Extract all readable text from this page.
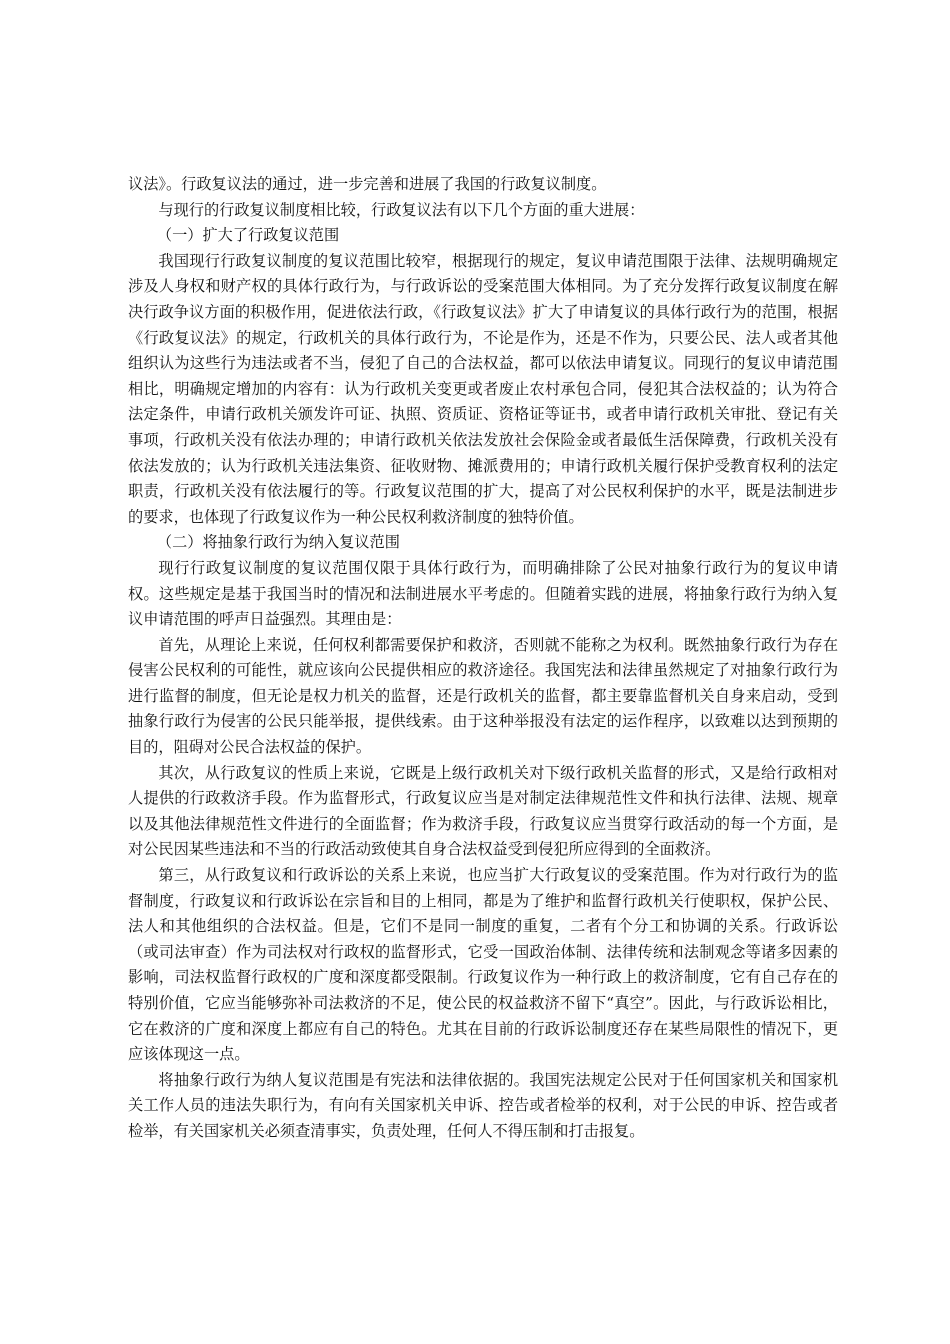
议法》。行政复议法的通过，进一步完善和进展了我国的行政复议制度。

与现行的行政复议制度相比较，行政复议法有以下几个方面的重大进展：

（一）扩大了行政复议范围

我国现行行政复议制度的复议范围比较窄，根据现行的规定，复议申请范围限于法律、法规明确规定涉及人身权和财产权的具体行政行为，与行政诉讼的受案范围大体相同。为了充分发挥行政复议制度在解决行政争议方面的积极作用，促进依法行政，《行政复议法》扩大了申请复议的具体行政行为的范围，根据《行政复议法》的规定，行政机关的具体行政行为，不论是作为，还是不作为，只要公民、法人或者其他组织认为这些行为违法或者不当，侵犯了自己的合法权益，都可以依法申请复议。同现行的复议申请范围相比，明确规定增加的内容有：认为行政机关变更或者废止农村承包合同，侵犯其合法权益的；认为符合法定条件，申请行政机关颁发许可证、执照、资质证、资格证等证书，或者申请行政机关审批、登记有关事项，行政机关没有依法办理的；申请行政机关依法发放社会保险金或者最低生活保障费，行政机关没有依法发放的；认为行政机关违法集资、征收财物、摊派费用的；申请行政机关履行保护受教育权利的法定职责，行政机关没有依法履行的等。行政复议范围的扩大，提高了对公民权利保护的水平，既是法制进步的要求，也体现了行政复议作为一种公民权利救济制度的独特价值。

（二）将抽象行政行为纳入复议范围

现行行政复议制度的复议范围仅限于具体行政行为，而明确排除了公民对抽象行政行为的复议申请权。这些规定是基于我国当时的情况和法制进展水平考虑的。但随着实践的进展，将抽象行政行为纳入复议申请范围的呼声日益强烈。其理由是：

首先，从理论上来说，任何权利都需要保护和救济，否则就不能称之为权利。既然抽象行政行为存在侵害公民权利的可能性，就应该向公民提供相应的救济途径。我国宪法和法律虽然规定了对抽象行政行为进行监督的制度，但无论是权力机关的监督，还是行政机关的监督，都主要靠监督机关自身来启动，受到抽象行政行为侵害的公民只能举报，提供线索。由于这种举报没有法定的运作程序，以致难以达到预期的目的，阻碍对公民合法权益的保护。

其次，从行政复议的性质上来说，它既是上级行政机关对下级行政机关监督的形式，又是给行政相对人提供的行政救济手段。作为监督形式，行政复议应当是对制定法律规范性文件和执行法律、法规、规章以及其他法律规范性文件进行的全面监督；作为救济手段，行政复议应当贯穿行政活动的每一个方面，是对公民因某些违法和不当的行政活动致使其自身合法权益受到侵犯所应得到的全面救济。

第三，从行政复议和行政诉讼的关系上来说，也应当扩大行政复议的受案范围。作为对行政行为的监督制度，行政复议和行政诉讼在宗旨和目的上相同，都是为了维护和监督行政机关行使职权，保护公民、法人和其他组织的合法权益。但是，它们不是同一制度的重复，二者有个分工和协调的关系。行政诉讼（或司法审查）作为司法权对行政权的监督形式，它受一国政治体制、法律传统和法制观念等诸多因素的影响，司法权监督行政权的广度和深度都受限制。行政复议作为一种行政上的救济制度，它有自己存在的特别价值，它应当能够弥补司法救济的不足，使公民的权益救济不留下“真空”。因此，与行政诉讼相比，它在救济的广度和深度上都应有自己的特色。尤其在目前的行政诉讼制度还存在某些局限性的情况下，更应该体现这一点。

将抽象行政行为纳人复议范围是有宪法和法律依据的。我国宪法规定公民对于任何国家机关和国家机关工作人员的违法失职行为，有向有关国家机关申诉、控告或者检举的权利，对于公民的申诉、控告或者检举，有关国家机关必须查清事实，负责处理，任何人不得压制和打击报复。
